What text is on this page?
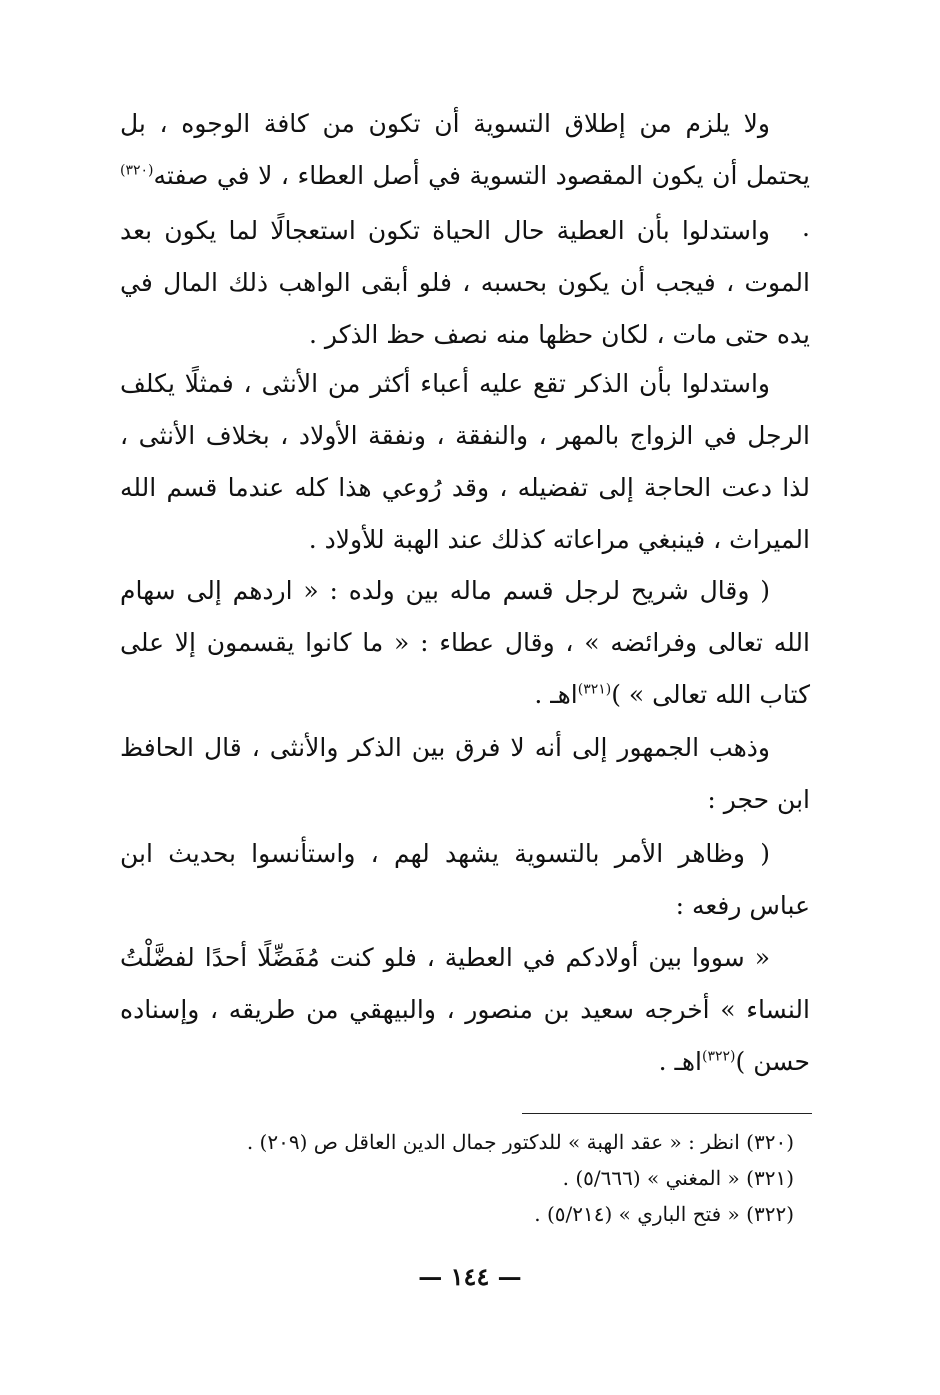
ولا يلزم من إطلاق التسوية أن تكون من كافة الوجوه ، بل يحتمل أن يكون المقصود التسوية في أصل العطاء ، لا في صفته$^{(٣٢٠)}$ .
واستدلوا بأن العطية حال الحياة تكون استعجالًا لما يكون بعد الموت ، فيجب أن يكون بحسبه ، فلو أبقى الواهب ذلك المال في يده حتى مات ، لكان حظها منه نصف حظ الذكر .
واستدلوا بأن الذكر تقع عليه أعباء أكثر من الأنثى ، فمثلًا يكلف الرجل في الزواج بالمهر ، والنفقة ، ونفقة الأولاد ، بخلاف الأنثى ، لذا دعت الحاجة إلى تفضيله ، وقد رُوعي هذا كله عندما قسم الله الميراث ، فينبغي مراعاته كذلك عند الهبة للأولاد .
( وقال شريح لرجل قسم ماله بين ولده : « اردهم إلى سهام الله تعالى وفرائضه » ، وقال عطاء : « ما كانوا يقسمون إلا على كتاب الله تعالى » )$^{(٣٢١)}$اهـ .
وذهب الجمهور إلى أنه لا فرق بين الذكر والأنثى ، قال الحافظ ابن حجر :
( وظاهر الأمر بالتسوية يشهد لهم ، واستأنسوا بحديث ابن عباس رفعه :
« سووا بين أولادكم في العطية ، فلو كنت مُفَضِّلًا أحدًا لفضَّلْتُ النساء » أخرجه سعيد بن منصور ، والبيهقي من طريقه ، وإسناده حسن )$^{(٣٢٢)}$اهـ .
(٣٢٠) انظر : « عقد الهبة » للدكتور جمال الدين العاقل ص (٢٠٩) .
(٣٢١) « المغني » (٥/٦٦٦) .
(٣٢٢) « فتح الباري » (٥/٢١٤) .
— ١٤٤ —
